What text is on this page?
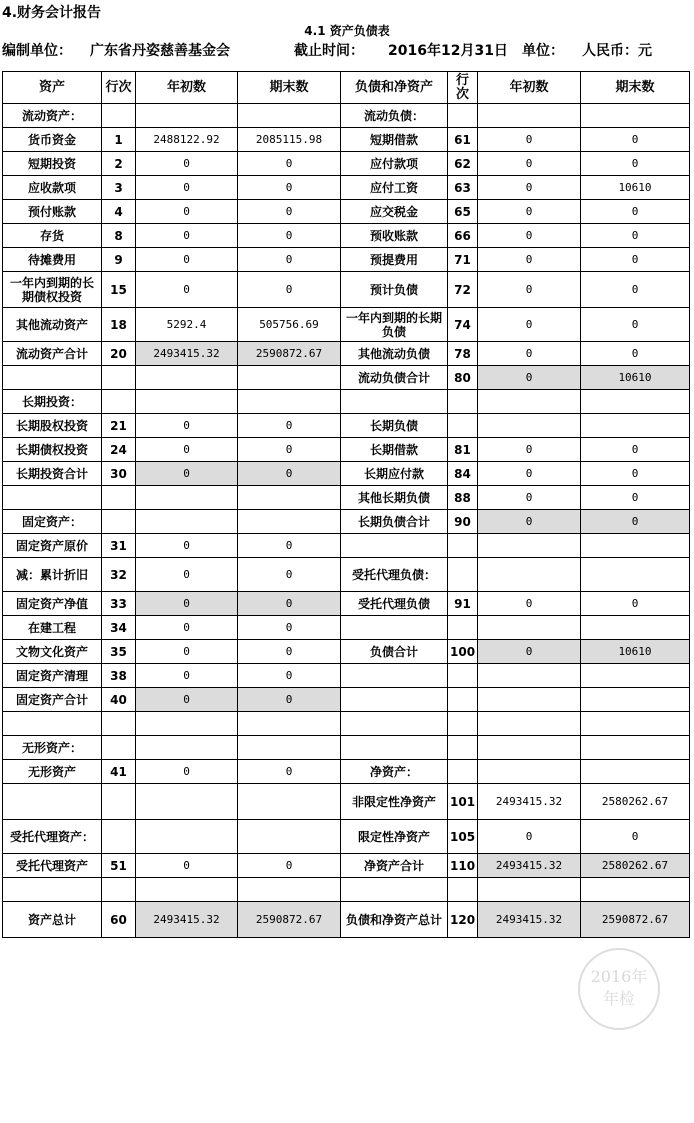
4.财务会计报告
4.1 资产负债表
编制单位： 广东省丹姿慈善基金会	截止时间： 2016年12月31日 单位： 人民币：元
资产	行次	年初数	期末数	负债和净资产	行次	年初数	期末数
流动资产：				流动负债：			
货币资金	1	2488122.92	2085115.98	短期借款	61	0	0
短期投资	2	0	0	应付款项	62	0	0
应收款项	3	0	0	应付工资	63	0	10610
预付账款	4	0	0	应交税金	65	0	0
存货	8	0	0	预收账款	66	0	0
待摊费用	9	0	0	预提费用	71	0	0
一年内到期的长期债权投资	15	0	0	预计负债	72	0	0
其他流动资产	18	5292.4	505756.69	一年内到期的长期负债	74	0	0
流动资产合计	20	2493415.32	2590872.67	其他流动负债	78	0	0
				流动负债合计	80	0	10610
长期投资：							
长期股权投资	21	0	0	长期负债			
长期债权投资	24	0	0	长期借款	81	0	0
长期投资合计	30	0	0	长期应付款	84	0	0
				其他长期负债	88	0	0
固定资产：				长期负债合计	90	0	0
固定资产原价	31	0	0				
减：累计折旧	32	0	0	受托代理负债：			
固定资产净值	33	0	0	受托代理负债	91	0	0
在建工程	34	0	0				
文物文化资产	35	0	0	负债合计	100	0	10610
固定资产清理	38	0	0				
固定资产合计	40	0	0				

无形资产：							
无形资产	41	0	0	净资产：			
				非限定性净资产	101	2493415.32	2580262.67
受托代理资产：				限定性净资产	105	0	0
受托代理资产	51	0	0	净资产合计	110	2493415.32	2580262.67

资产总计	60	2493415.32	2590872.67	负债和净资产总计	120	2493415.32	2590872.67
2016年
年检
